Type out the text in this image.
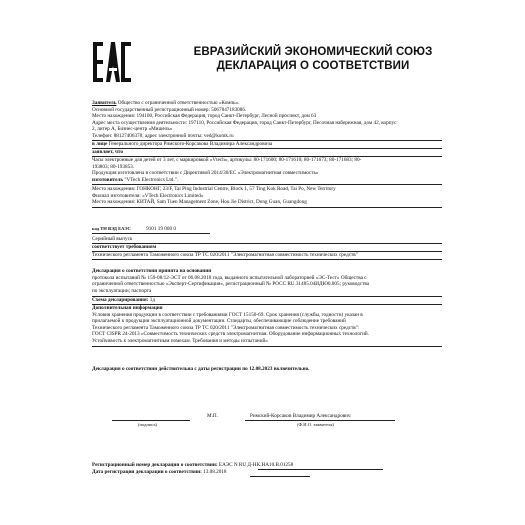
ЕВРАЗИЙСКИЙ ЭКОНОМИЧЕСКИЙ СОЮЗ
ДЕКЛАРАЦИЯ О СООТВЕТСТВИИ
Заявитель Общество с ограниченной ответственностью «Компь».
Основной государственный регистрационный номер: 5067847183086.
Место нахождения: 194100, Российская Федерация, город Санкт-Петербург, Лесной проспект, дом 63
Адрес места осуществления деятельности: 197110, Российская Федерация, город Санкт-Петербург, Песочная набережная, дом 42, корпус
2, литер А, Бизнес-центр «Мишель»
Телефон: 88127406378, адрес электронной почты: ved@komk.ru
в лице Генерального директора Римского-Корсакова Владимира Александровича
заявляет, что
Часы электронные для детей от 3 лет, с маркировкой «Vtech», артикулы: 80-171600; 80-171610; 80-171673; 80-171683; 80-
193803; 80-193853.
Продукция изготовлена в соответствии с Директивой 2014/30/ЕС «Электромагнитная совместимость»
изготовитель "VTech Electronics Ltd.".
Место нахождения: ГОНКОНГ, 23/F, Tai Ping Industrial Centre, Block 1, 57 Ting Kok Road, Tai Po, New Territory
Филиал изготовителя: «VTech Electronics Limited»
Место нахождения: КИТАЙ, Sam Tuen Management Zone, Hou Jie District, Dong Guan, Guangdong
код ТН ВЭД ЕАЭС	9101 19 000 0
Серийный выпуск
соответствует требованиям
Технического регламента Таможенного союза ТР ТС 020/2011 "Электромагнитная совместимость технических средств"
Декларация о соответствии принята на основании
протокола испытаний № 159-08/12-ЭСТ от 06.08.2018 года, выданного испытательной лабораторией «ЭС-Тест» Общества с
ограниченной ответственностью «Эксперт-Сертификация», регистрационный № РОСС RU.31485.04ИДЮ0.005; руководства
по эксплуатации; паспорта
Схема декларирования: 1д
Дополнительная информация
Условия хранения продукции в соответствии с требованиями ГОСТ 15150-69. Срок хранения (службы, годности) указан в
прилагаемой к продукции эксплуатационной документации. Стандарты, обеспечивающие соблюдение требований
Технического регламента Таможенного союза ТР ТС 020/2011 "Электромагнитная совместимость технических средств":
ГОСТ CISPR 24-2013 «Совместимость технических средств электромагнитная. Оборудование информационных технологий.
Устойчивость к электромагнитным помехам. Требования и методы испытаний»
Декларация о соответствии действительна с даты регистрации по 12.08.2023 включительно.
(подпись)
М.П.	Римский-Корсаков Владимир Александрович
(Ф.И.О. заявителя)
Регистрационный номер декларации о соответствии: ЕАЭС N RU Д-HK.HA10.B.01258
Дата регистрации декларации о соответствии: 13.08.2018
